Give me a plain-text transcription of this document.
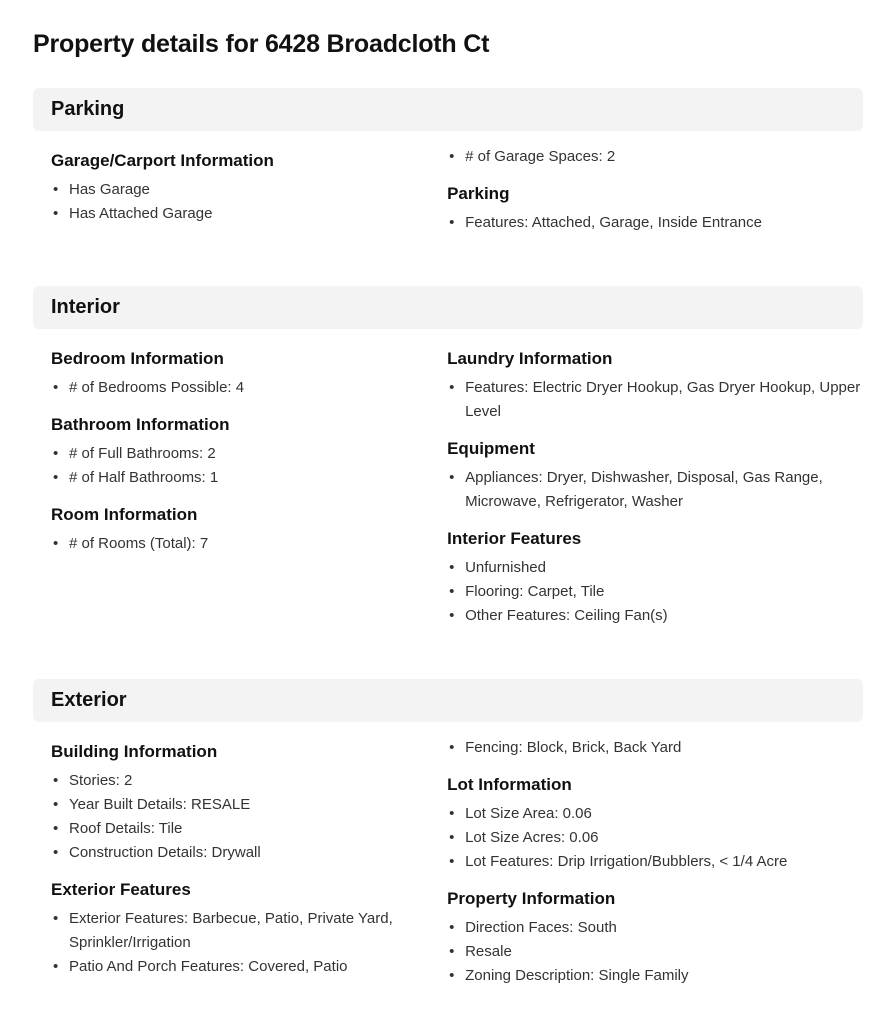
Property details for 6428 Broadcloth Ct
Parking
Garage/Carport Information
• Has Garage
• Has Attached Garage
• # of Garage Spaces: 2
Parking
• Features: Attached, Garage, Inside Entrance
Interior
Bedroom Information
• # of Bedrooms Possible: 4
Bathroom Information
• # of Full Bathrooms: 2
• # of Half Bathrooms: 1
Room Information
• # of Rooms (Total): 7
Laundry Information
• Features: Electric Dryer Hookup, Gas Dryer Hookup, Upper Level
Equipment
• Appliances: Dryer, Dishwasher, Disposal, Gas Range, Microwave, Refrigerator, Washer
Interior Features
• Unfurnished
• Flooring: Carpet, Tile
• Other Features: Ceiling Fan(s)
Exterior
Building Information
• Stories: 2
• Year Built Details: RESALE
• Roof Details: Tile
• Construction Details: Drywall
Exterior Features
• Exterior Features: Barbecue, Patio, Private Yard, Sprinkler/Irrigation
• Patio And Porch Features: Covered, Patio
• Fencing: Block, Brick, Back Yard
Lot Information
• Lot Size Area: 0.06
• Lot Size Acres: 0.06
• Lot Features: Drip Irrigation/Bubblers, < 1/4 Acre
Property Information
• Direction Faces: South
• Resale
• Zoning Description: Single Family
